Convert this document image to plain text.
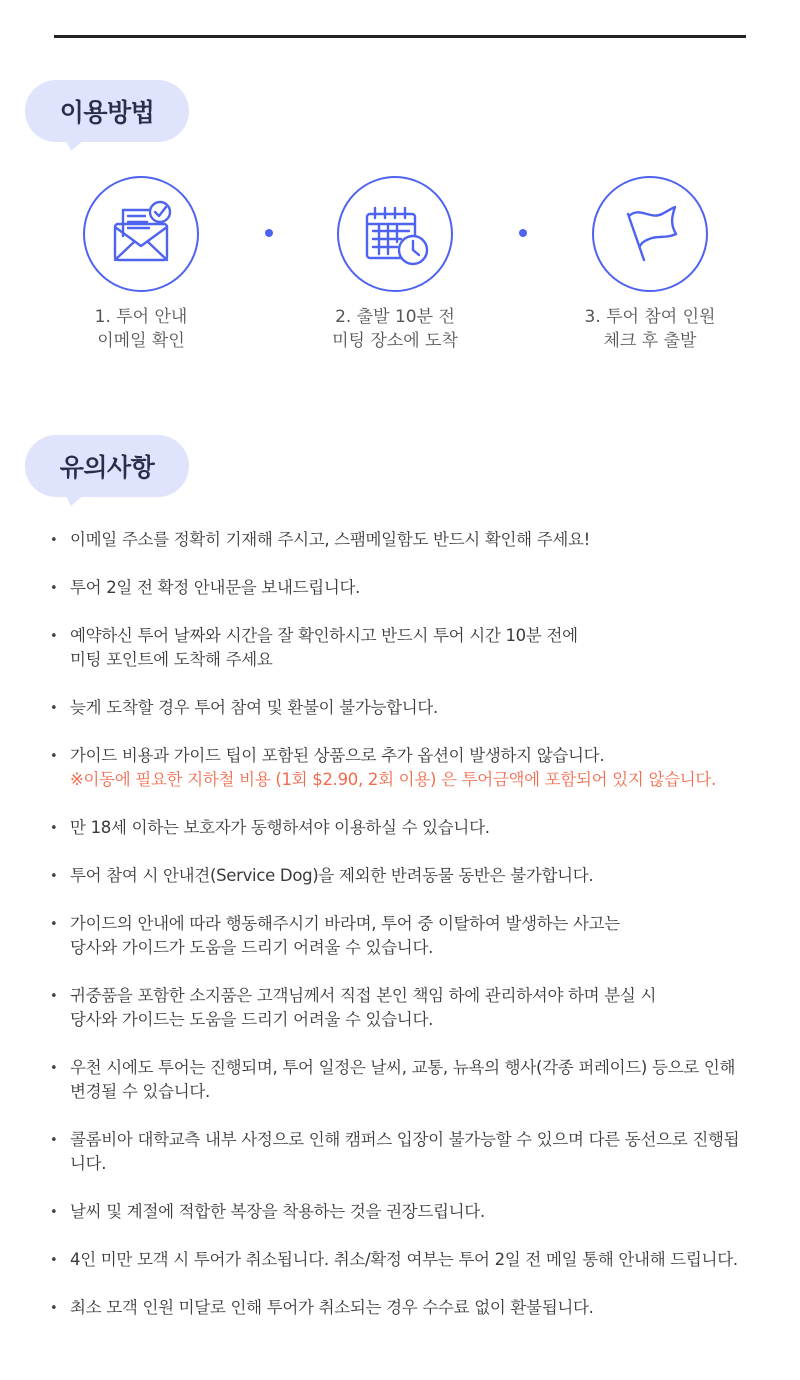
이용방법
1. 투어 안내
이메일 확인
2. 출발 10분 전
미팅 장소에 도착
3. 투어 참여 인원
체크 후 출발
유의사항
• 이메일 주소를 정확히 기재해 주시고, 스팸메일함도 반드시 확인해 주세요!
• 투어 2일 전 확정 안내문을 보내드립니다.
• 예약하신 투어 날짜와 시간을 잘 확인하시고 반드시 투어 시간 10분 전에
미팅 포인트에 도착해 주세요
• 늦게 도착할 경우 투어 참여 및 환불이 불가능합니다.
• 가이드 비용과 가이드 팁이 포함된 상품으로 추가 옵션이 발생하지 않습니다.
※이동에 필요한 지하철 비용 (1회 $2.90, 2회 이용) 은 투어금액에 포함되어 있지 않습니다.
• 만 18세 이하는 보호자가 동행하셔야 이용하실 수 있습니다.
• 투어 참여 시 안내견(Service Dog)을 제외한 반려동물 동반은 불가합니다.
• 가이드의 안내에 따라 행동해주시기 바라며, 투어 중 이탈하여 발생하는 사고는
당사와 가이드가 도움을 드리기 어려울 수 있습니다.
• 귀중품을 포함한 소지품은 고객님께서 직접 본인 책임 하에 관리하셔야 하며 분실 시
당사와 가이드는 도움을 드리기 어려울 수 있습니다.
• 우천 시에도 투어는 진행되며, 투어 일정은 날씨, 교통, 뉴욕의 행사(각종 퍼레이드) 등으로 인해
변경될 수 있습니다.
• 콜롬비아 대학교측 내부 사정으로 인해 캠퍼스 입장이 불가능할 수 있으며 다른 동선으로 진행됩
니다.
• 날씨 및 계절에 적합한 복장을 착용하는 것을 권장드립니다.
• 4인 미만 모객 시 투어가 취소됩니다. 취소/확정 여부는 투어 2일 전 메일 통해 안내해 드립니다.
• 최소 모객 인원 미달로 인해 투어가 취소되는 경우 수수료 없이 환불됩니다.
